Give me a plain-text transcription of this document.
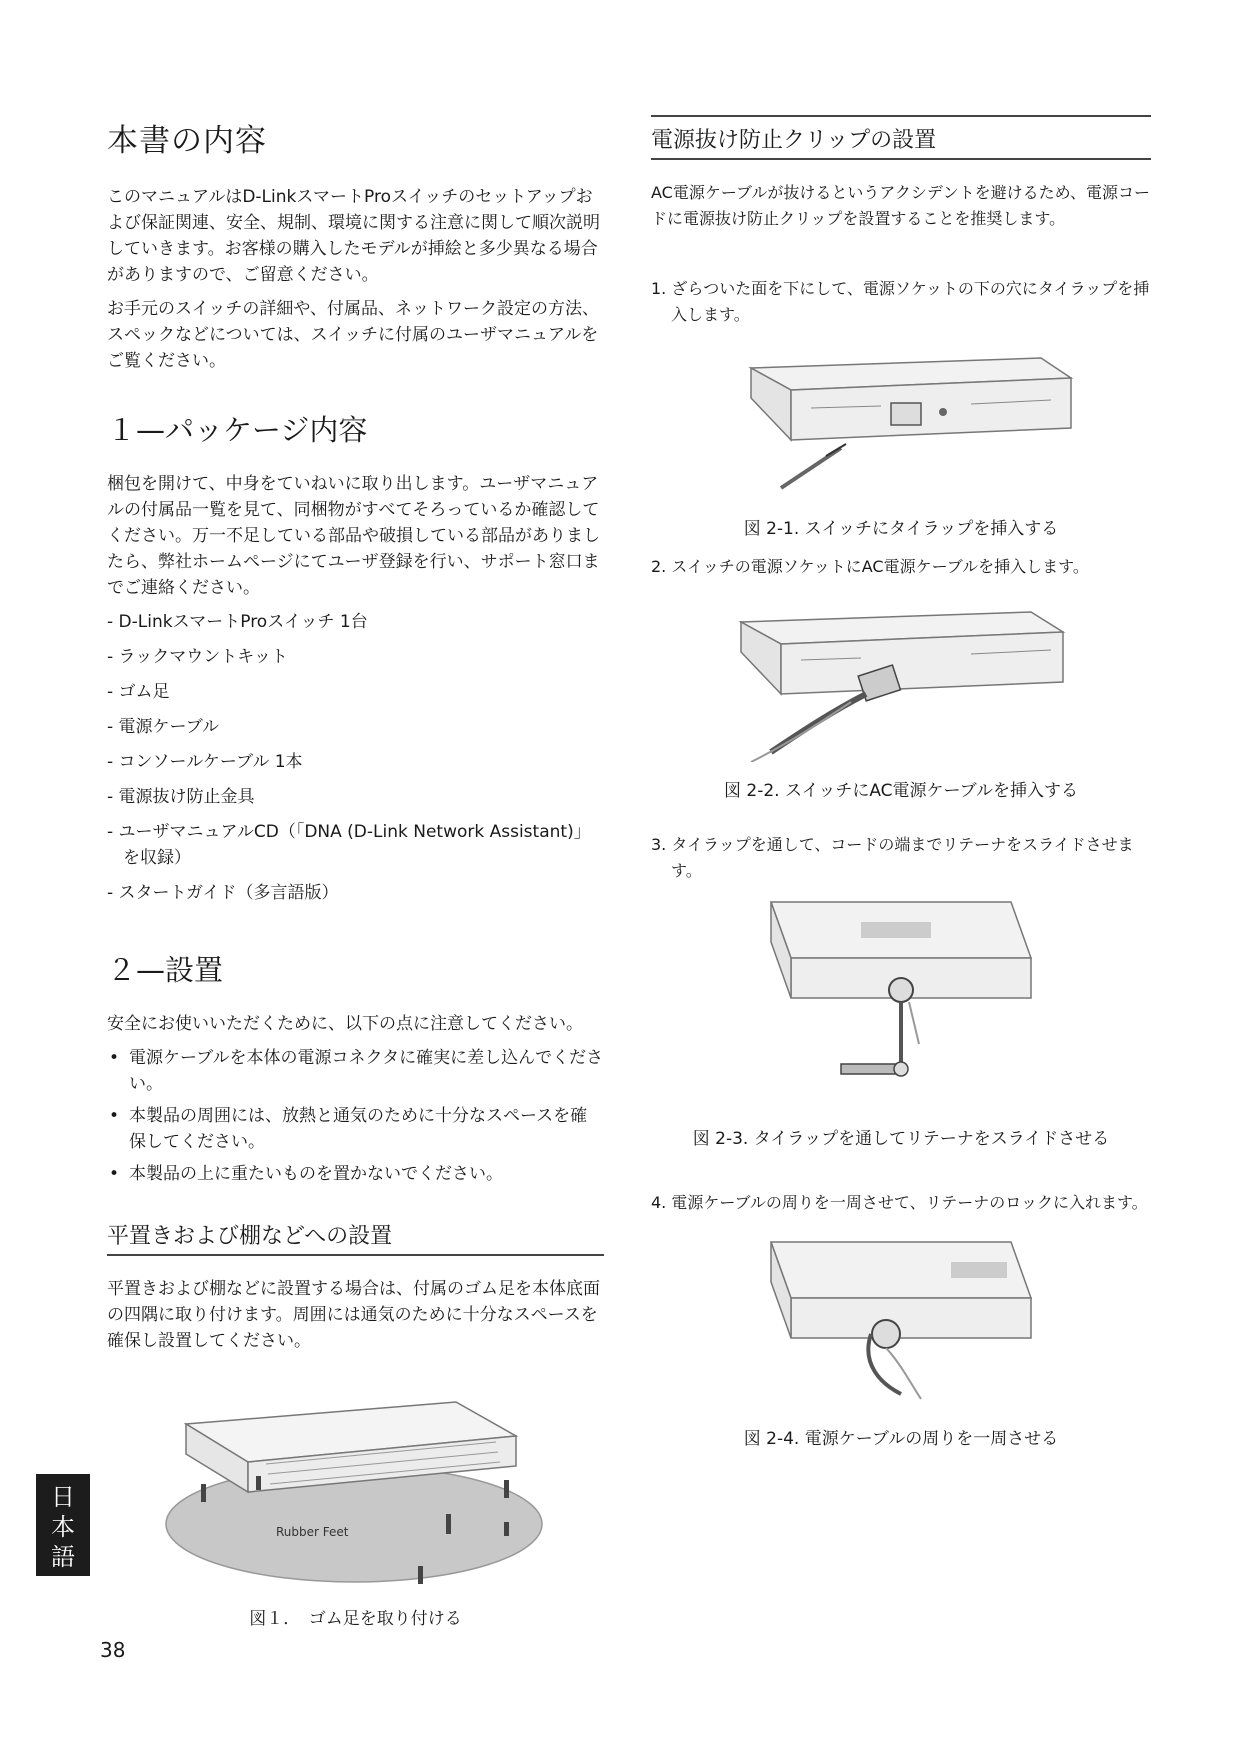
本書の内容

このマニュアルはD-LinkスマートProスイッチのセットアップおよび保証関連、安全、規制、環境に関する注意に関して順次説明していきます。お客様の購入したモデルが挿絵と多少異なる場合がありますので、ご留意ください。

お手元のスイッチの詳細や、付属品、ネットワーク設定の方法、スペックなどについては、スイッチに付属のユーザマニュアルをご覧ください。

１—パッケージ内容

梱包を開けて、中身をていねいに取り出します。ユーザマニュアルの付属品一覧を見て、同梱物がすべてそろっているか確認してください。万一不足している部品や破損している部品がありましたら、弊社ホームページにてユーザ登録を行い、サポート窓口までご連絡ください。

- D-LinkスマートProスイッチ 1台
- ラックマウントキット
- ゴム足
- 電源ケーブル
- コンソールケーブル 1本
- 電源抜け防止金具
- ユーザマニュアルCD（「DNA (D-Link Network Assistant)」を収録）
- スタートガイド（多言語版）
２—設置

安全にお使いいただくために、以下の点に注意してください。

• 電源ケーブルを本体の電源コネクタに確実に差し込んでください。
• 本製品の周囲には、放熱と通気のために十分なスペースを確保してください。
• 本製品の上に重たいものを置かないでください。
平置きおよび棚などへの設置

平置きおよび棚などに設置する場合は、付属のゴム足を本体底面の四隅に取り付けます。周囲には通気のために十分なスペースを確保し設置してください。

Rubber Feet

図１．　ゴム足を取り付ける

電源抜け防止クリップの設置

AC電源ケーブルが抜けるというアクシデントを避けるため、電源コードに電源抜け防止クリップを設置することを推奨します。

1. ざらついた面を下にして、電源ソケットの下の穴にタイラップを挿入します。

図 2-1. スイッチにタイラップを挿入する

2. スイッチの電源ソケットにAC電源ケーブルを挿入します。

図 2-2. スイッチにAC電源ケーブルを挿入する

3. タイラップを通して、コードの端までリテーナをスライドさせます。

図 2-3. タイラップを通してリテーナをスライドさせる

4. 電源ケーブルの周りを一周させて、リテーナのロックに入れます。

図 2-4. 電源ケーブルの周りを一周させる

日
本
語
38
